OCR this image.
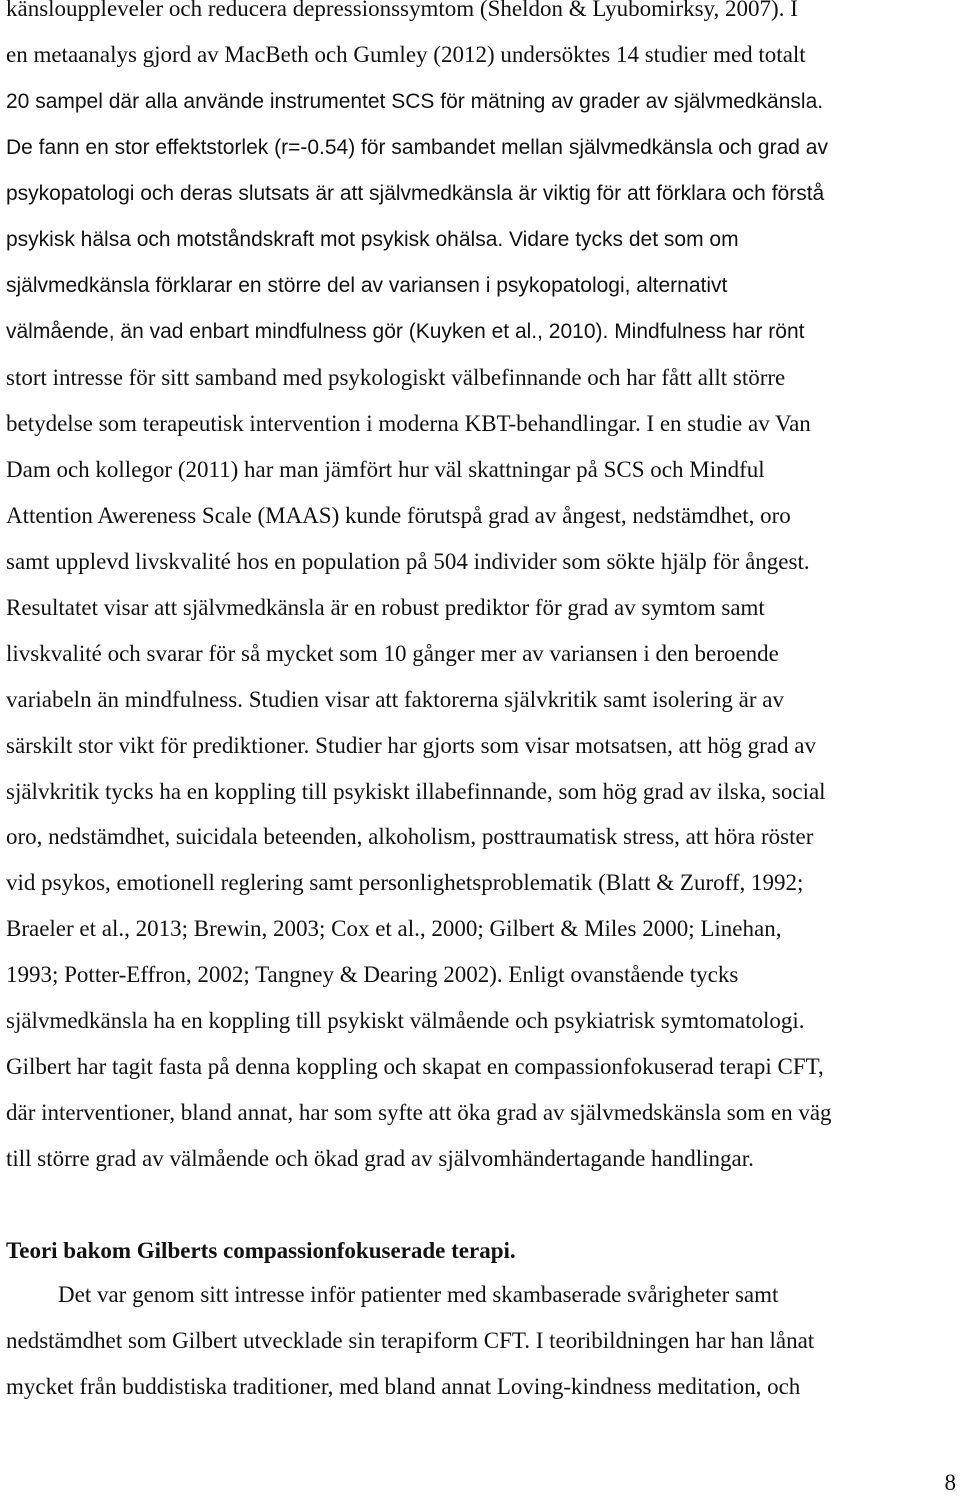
känslouppleveler och reducera depressionssymtom (Sheldon & Lyubomirksy, 2007). I

en metaanalys gjord av MacBeth och Gumley (2012) undersöktes 14 studier med totalt

20 sampel där alla använde instrumentet SCS för mätning av grader av självmedkänsla.

De fann en stor effektstorlek (r=-0.54) för sambandet mellan självmedkänsla och grad av

psykopatologi och deras slutsats är att självmedkänsla är viktig för att förklara och förstå

psykisk hälsa och motståndskraft mot psykisk ohälsa. Vidare tycks det som om

självmedkänsla förklarar en större del av variansen i psykopatologi, alternativt

välmående, än vad enbart mindfulness gör (Kuyken et al., 2010). Mindfulness har rönt

stort intresse för sitt samband med psykologiskt välbefinnande och har fått allt större

betydelse som terapeutisk intervention i moderna KBT-behandlingar. I en studie av Van

Dam och kollegor (2011) har man jämfört hur väl skattningar på SCS och Mindful

Attention Awereness Scale (MAAS) kunde förutspå grad av ångest, nedstämdhet, oro

samt upplevd livskvalité hos en population på 504 individer som sökte hjälp för ångest.

Resultatet visar att självmedkänsla är en robust prediktor för grad av symtom samt

livskvalité och svarar för så mycket som 10 gånger mer av variansen i den beroende

variabeln än mindfulness. Studien visar att faktorerna självkritik samt isolering är av

särskilt stor vikt för prediktioner. Studier har gjorts som visar motsatsen, att hög grad av

självkritik tycks ha en koppling till psykiskt illabefinnande, som hög grad av ilska, social

oro, nedstämdhet, suicidala beteenden, alkoholism, posttraumatisk stress, att höra röster

vid psykos, emotionell reglering samt personlighetsproblematik (Blatt & Zuroff, 1992;

Braeler et al., 2013; Brewin, 2003; Cox et al., 2000; Gilbert & Miles 2000; Linehan,

1993; Potter-Effron, 2002; Tangney & Dearing 2002). Enligt ovanstående tycks

självmedkänsla ha en koppling till psykiskt välmående och psykiatrisk symtomatologi.

Gilbert har tagit fasta på denna koppling och skapat en compassionfokuserad terapi CFT,

där interventioner, bland annat, har som syfte att öka grad av självmedskänsla som en väg

till större grad av välmående och ökad grad av självomhändertagande handlingar.

Teori bakom Gilberts compassionfokuserade terapi.

Det var genom sitt intresse inför patienter med skambaserade svårigheter samt

nedstämdhet som Gilbert utvecklade sin terapiform CFT. I teoribildningen har han lånat

mycket från buddistiska traditioner, med bland annat Loving-kindness meditation, och

8
